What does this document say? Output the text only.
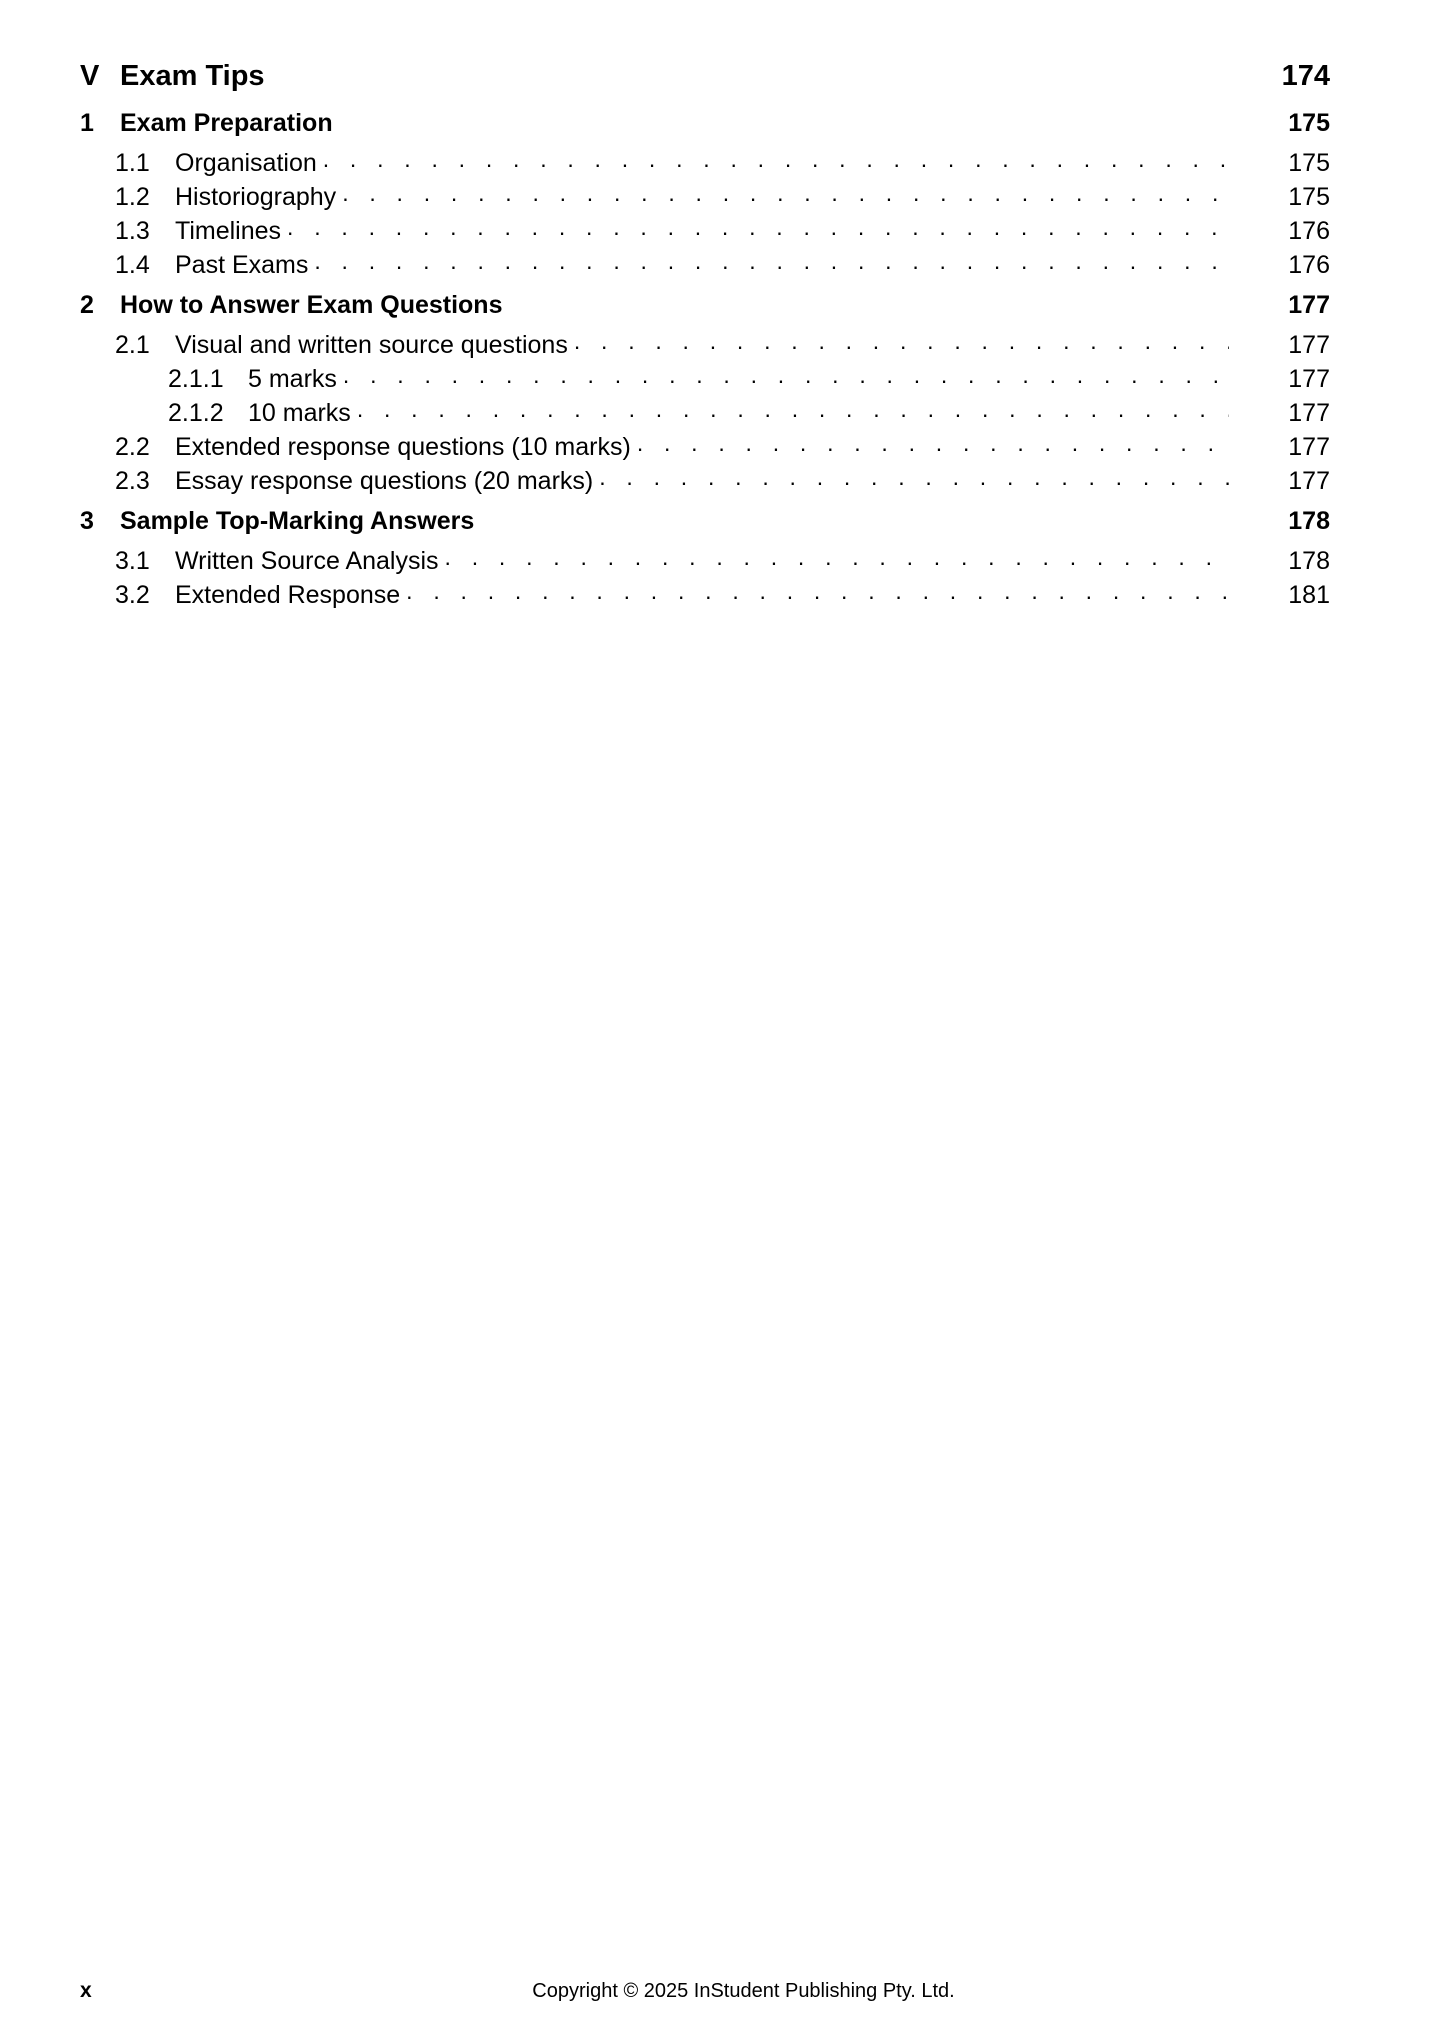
V Exam Tips	174
1	Exam Preparation	175
1.1	Organisation . . .	175
1.2	Historiography . . .	175
1.3	Timelines . . .	176
1.4	Past Exams . . .	176
2	How to Answer Exam Questions	177
2.1	Visual and written source questions . . .	177
2.1.1 5 marks . . .	177
2.1.2 10 marks . . .	177
2.2	Extended response questions (10 marks) . . .	177
2.3	Essay response questions (20 marks) . . .	177
3	Sample Top-Marking Answers	178
3.1	Written Source Analysis . . .	178
3.2	Extended Response . . .	181
x	Copyright © 2025 InStudent Publishing Pty. Ltd.
